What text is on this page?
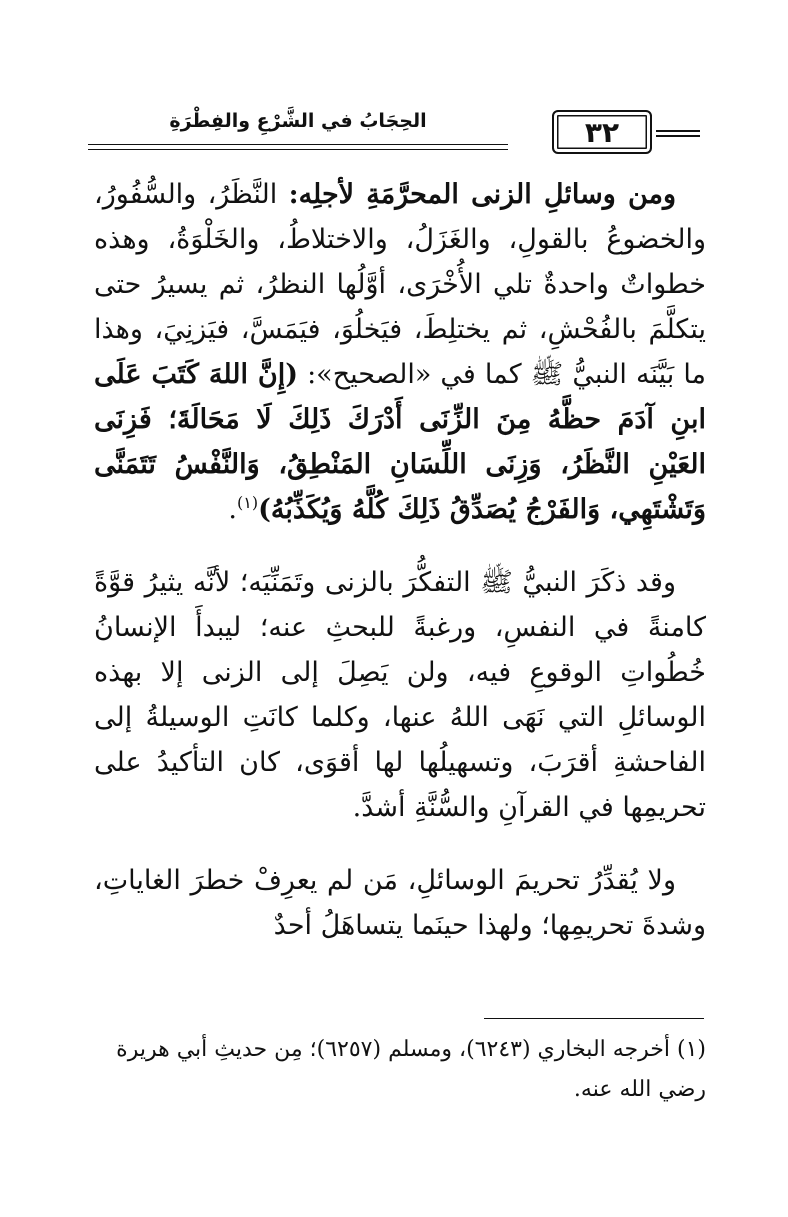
٣٢
الحِجَابُ في الشَّرْعِ والفِطْرَةِ

ومن وسائلِ الزنى المحرَّمَةِ لأجلِه: النَّظَرُ، والسُّفُورُ، والخضوعُ بالقولِ، والغَزَلُ، والاختلاطُ، والخَلْوَةُ، وهذه خطواتٌ واحدةٌ تلي الأُخْرَى، أوَّلُها النظرُ، ثم يسيرُ حتى يتكلَّمَ بالفُحْشِ، ثم يختلِطَ، فيَخلُوَ، فيَمَسَّ، فيَزنِيَ، وهذا ما بَيَّنَه النبيُّ ﷺ كما في «الصحيح»: (إِنَّ اللهَ كَتَبَ عَلَى ابنِ آدَمَ حظَّهُ مِنَ الزِّنَى أَدْرَكَ ذَلِكَ لَا مَحَالَةَ؛ فَزِنَى العَيْنِ النَّظَرُ، وَزِنَى اللِّسَانِ المَنْطِقُ، وَالنَّفْسُ تَتَمَنَّى وَتَشْتَهِي، وَالفَرْجُ يُصَدِّقُ ذَلِكَ كُلَّهُ وَيُكَذِّبُهُ)$^{(١)}$.

وقد ذكَرَ النبيُّ ﷺ التفكُّرَ بالزنى وتَمَنِّيَه؛ لأنَّه يثيرُ قوَّةً كامنةً في النفسِ، ورغبةً للبحثِ عنه؛ ليبدأَ الإنسانُ خُطُواتِ الوقوعِ فيه، ولن يَصِلَ إلى الزنى إلا بهذه الوسائلِ التي نَهَى اللهُ عنها، وكلما كانَتِ الوسيلةُ إلى الفاحشةِ أقرَبَ، وتسهيلُها لها أقوَى، كان التأكيدُ على تحريمِها في القرآنِ والسُّنَّةِ أشدَّ.

ولا يُقدِّرُ تحريمَ الوسائلِ، مَن لم يعرِفْ خطرَ الغاياتِ، وشدةَ تحريمِها؛ ولهذا حينَما يتساهَلُ أحدٌ

(١) أخرجه البخاري (٦٢٤٣)، ومسلم (٦٢٥٧)؛ مِن حديثِ أبي هريرة رضي الله عنه.
